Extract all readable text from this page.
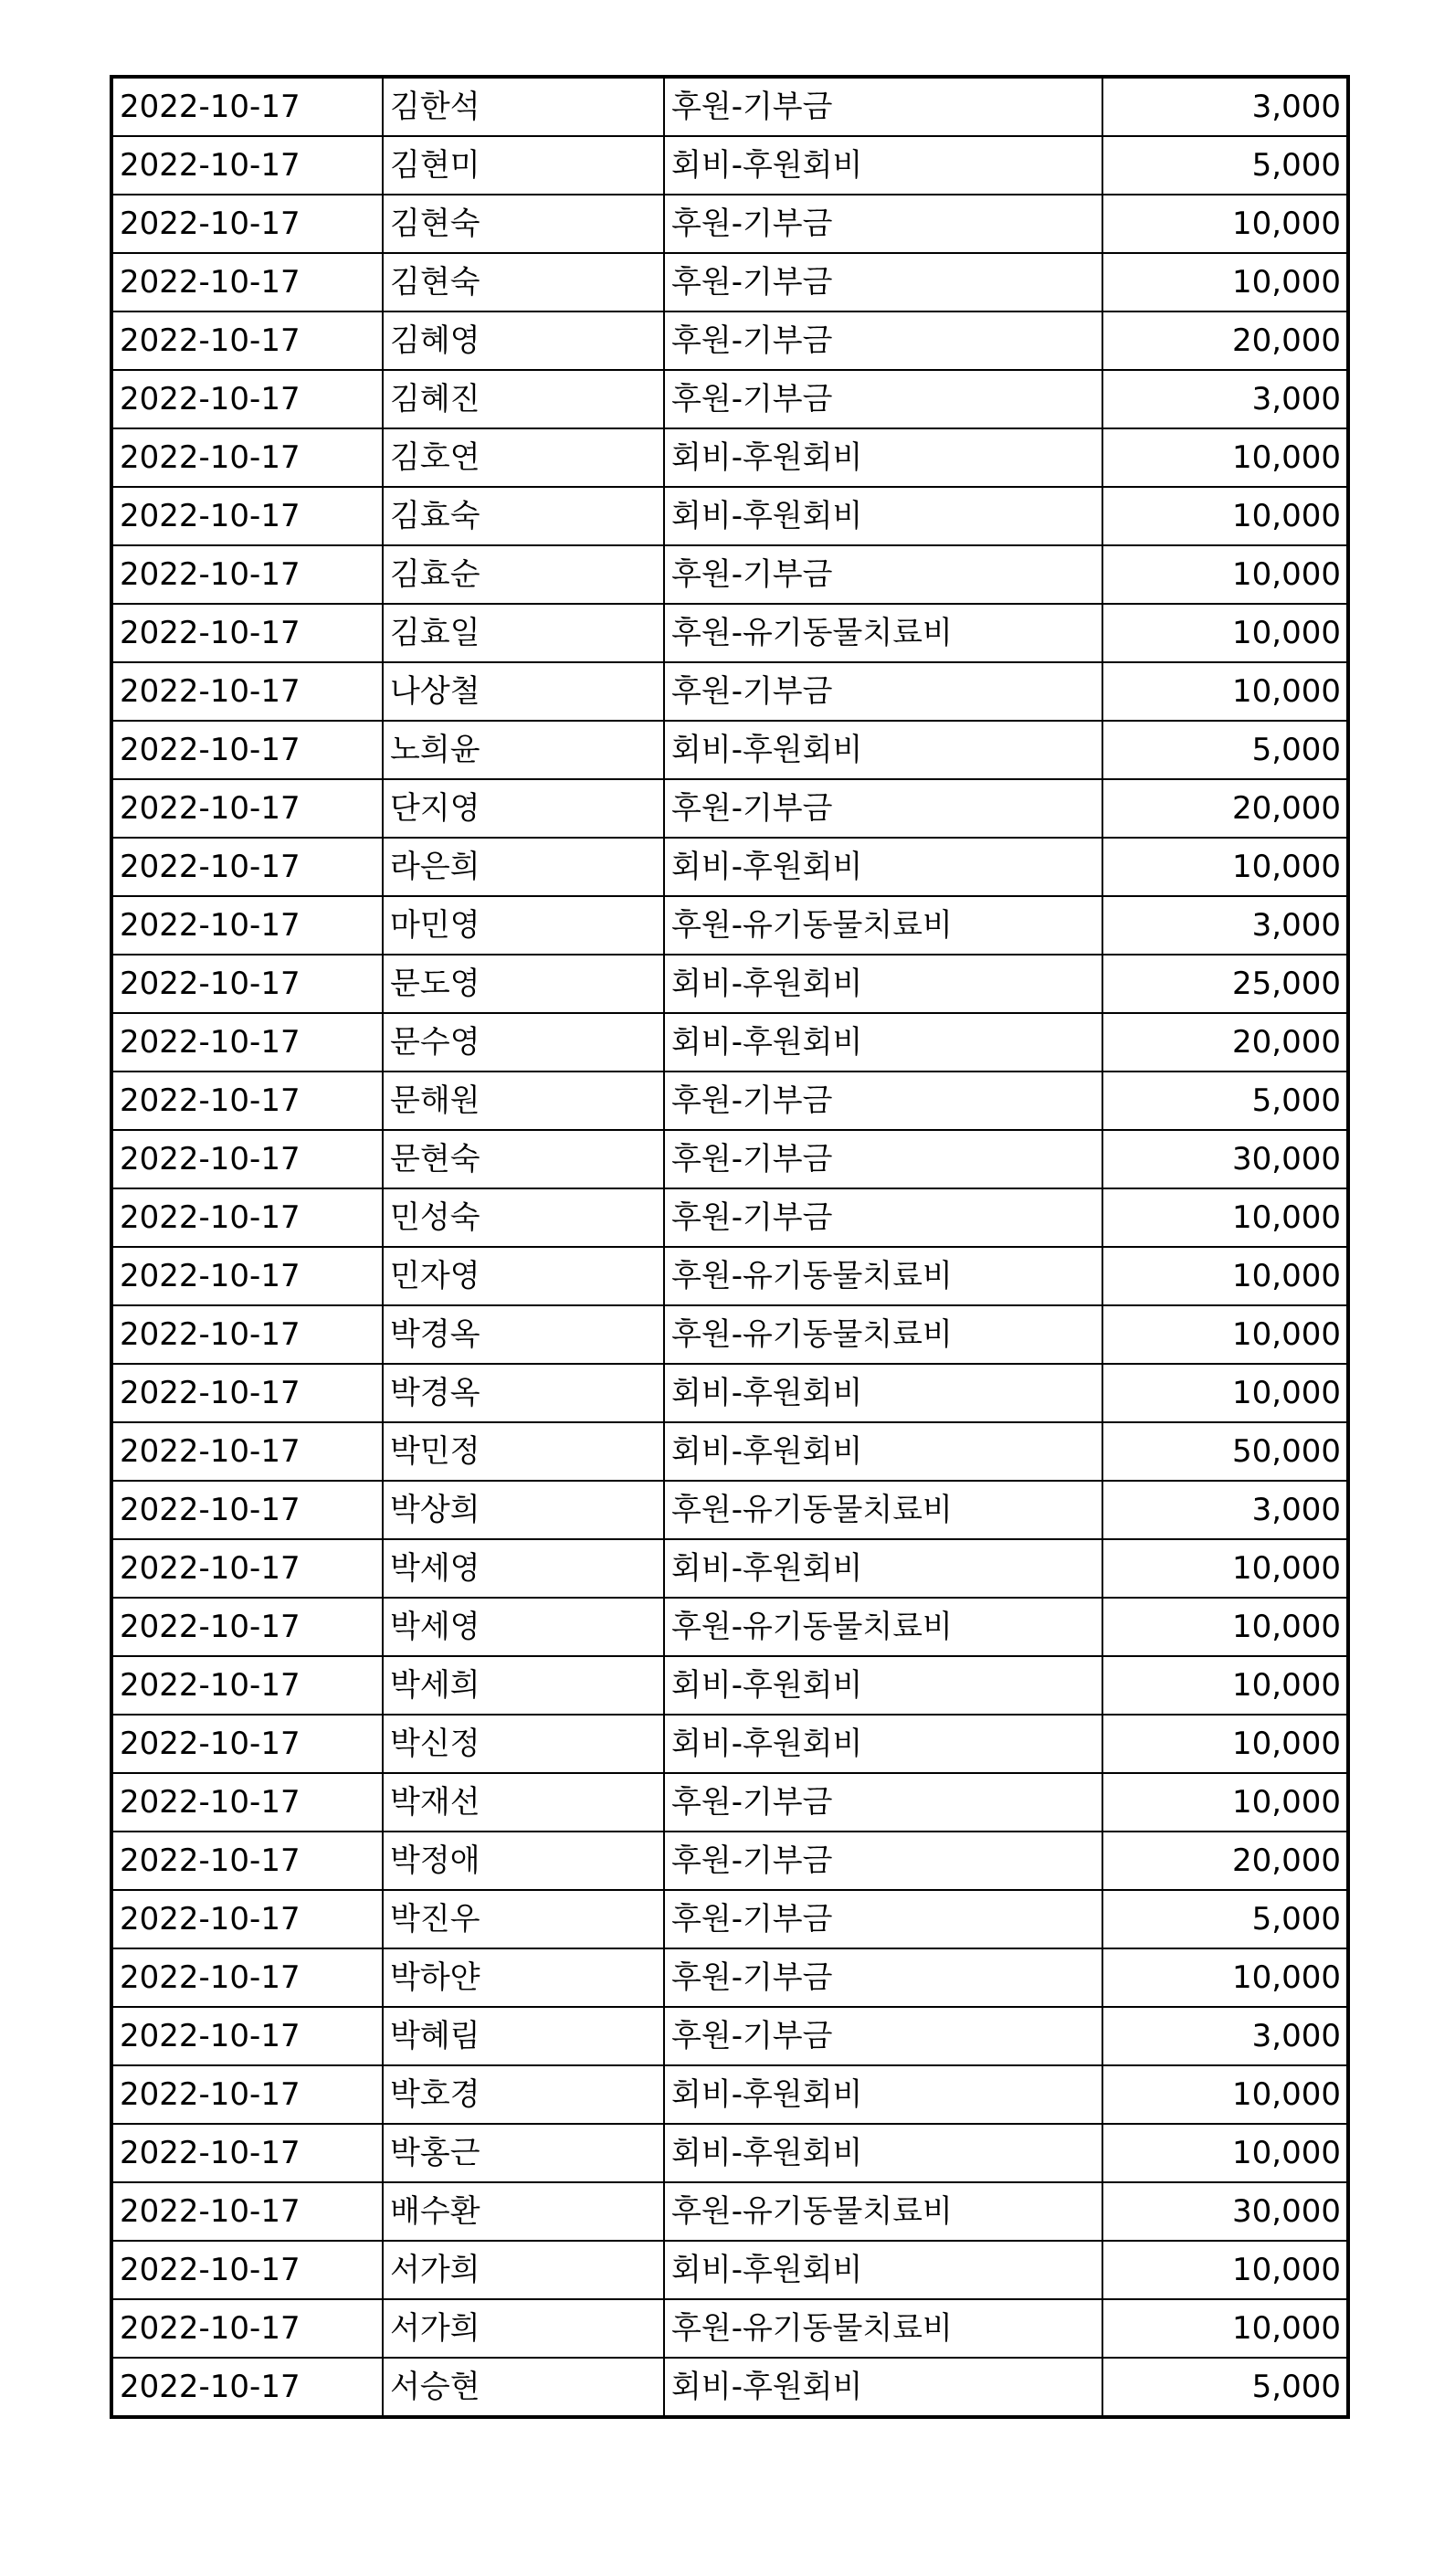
2022-10-17	김한석	후원-기부금	3,000
2022-10-17	김현미	회비-후원회비	5,000
2022-10-17	김현숙	후원-기부금	10,000
2022-10-17	김현숙	후원-기부금	10,000
2022-10-17	김혜영	후원-기부금	20,000
2022-10-17	김혜진	후원-기부금	3,000
2022-10-17	김호연	회비-후원회비	10,000
2022-10-17	김효숙	회비-후원회비	10,000
2022-10-17	김효순	후원-기부금	10,000
2022-10-17	김효일	후원-유기동물치료비	10,000
2022-10-17	나상철	후원-기부금	10,000
2022-10-17	노희윤	회비-후원회비	5,000
2022-10-17	단지영	후원-기부금	20,000
2022-10-17	라은희	회비-후원회비	10,000
2022-10-17	마민영	후원-유기동물치료비	3,000
2022-10-17	문도영	회비-후원회비	25,000
2022-10-17	문수영	회비-후원회비	20,000
2022-10-17	문해원	후원-기부금	5,000
2022-10-17	문현숙	후원-기부금	30,000
2022-10-17	민성숙	후원-기부금	10,000
2022-10-17	민자영	후원-유기동물치료비	10,000
2022-10-17	박경옥	후원-유기동물치료비	10,000
2022-10-17	박경옥	회비-후원회비	10,000
2022-10-17	박민정	회비-후원회비	50,000
2022-10-17	박상희	후원-유기동물치료비	3,000
2022-10-17	박세영	회비-후원회비	10,000
2022-10-17	박세영	후원-유기동물치료비	10,000
2022-10-17	박세희	회비-후원회비	10,000
2022-10-17	박신정	회비-후원회비	10,000
2022-10-17	박재선	후원-기부금	10,000
2022-10-17	박정애	후원-기부금	20,000
2022-10-17	박진우	후원-기부금	5,000
2022-10-17	박하얀	후원-기부금	10,000
2022-10-17	박혜림	후원-기부금	3,000
2022-10-17	박호경	회비-후원회비	10,000
2022-10-17	박홍근	회비-후원회비	10,000
2022-10-17	배수환	후원-유기동물치료비	30,000
2022-10-17	서가희	회비-후원회비	10,000
2022-10-17	서가희	후원-유기동물치료비	10,000
2022-10-17	서승현	회비-후원회비	5,000
